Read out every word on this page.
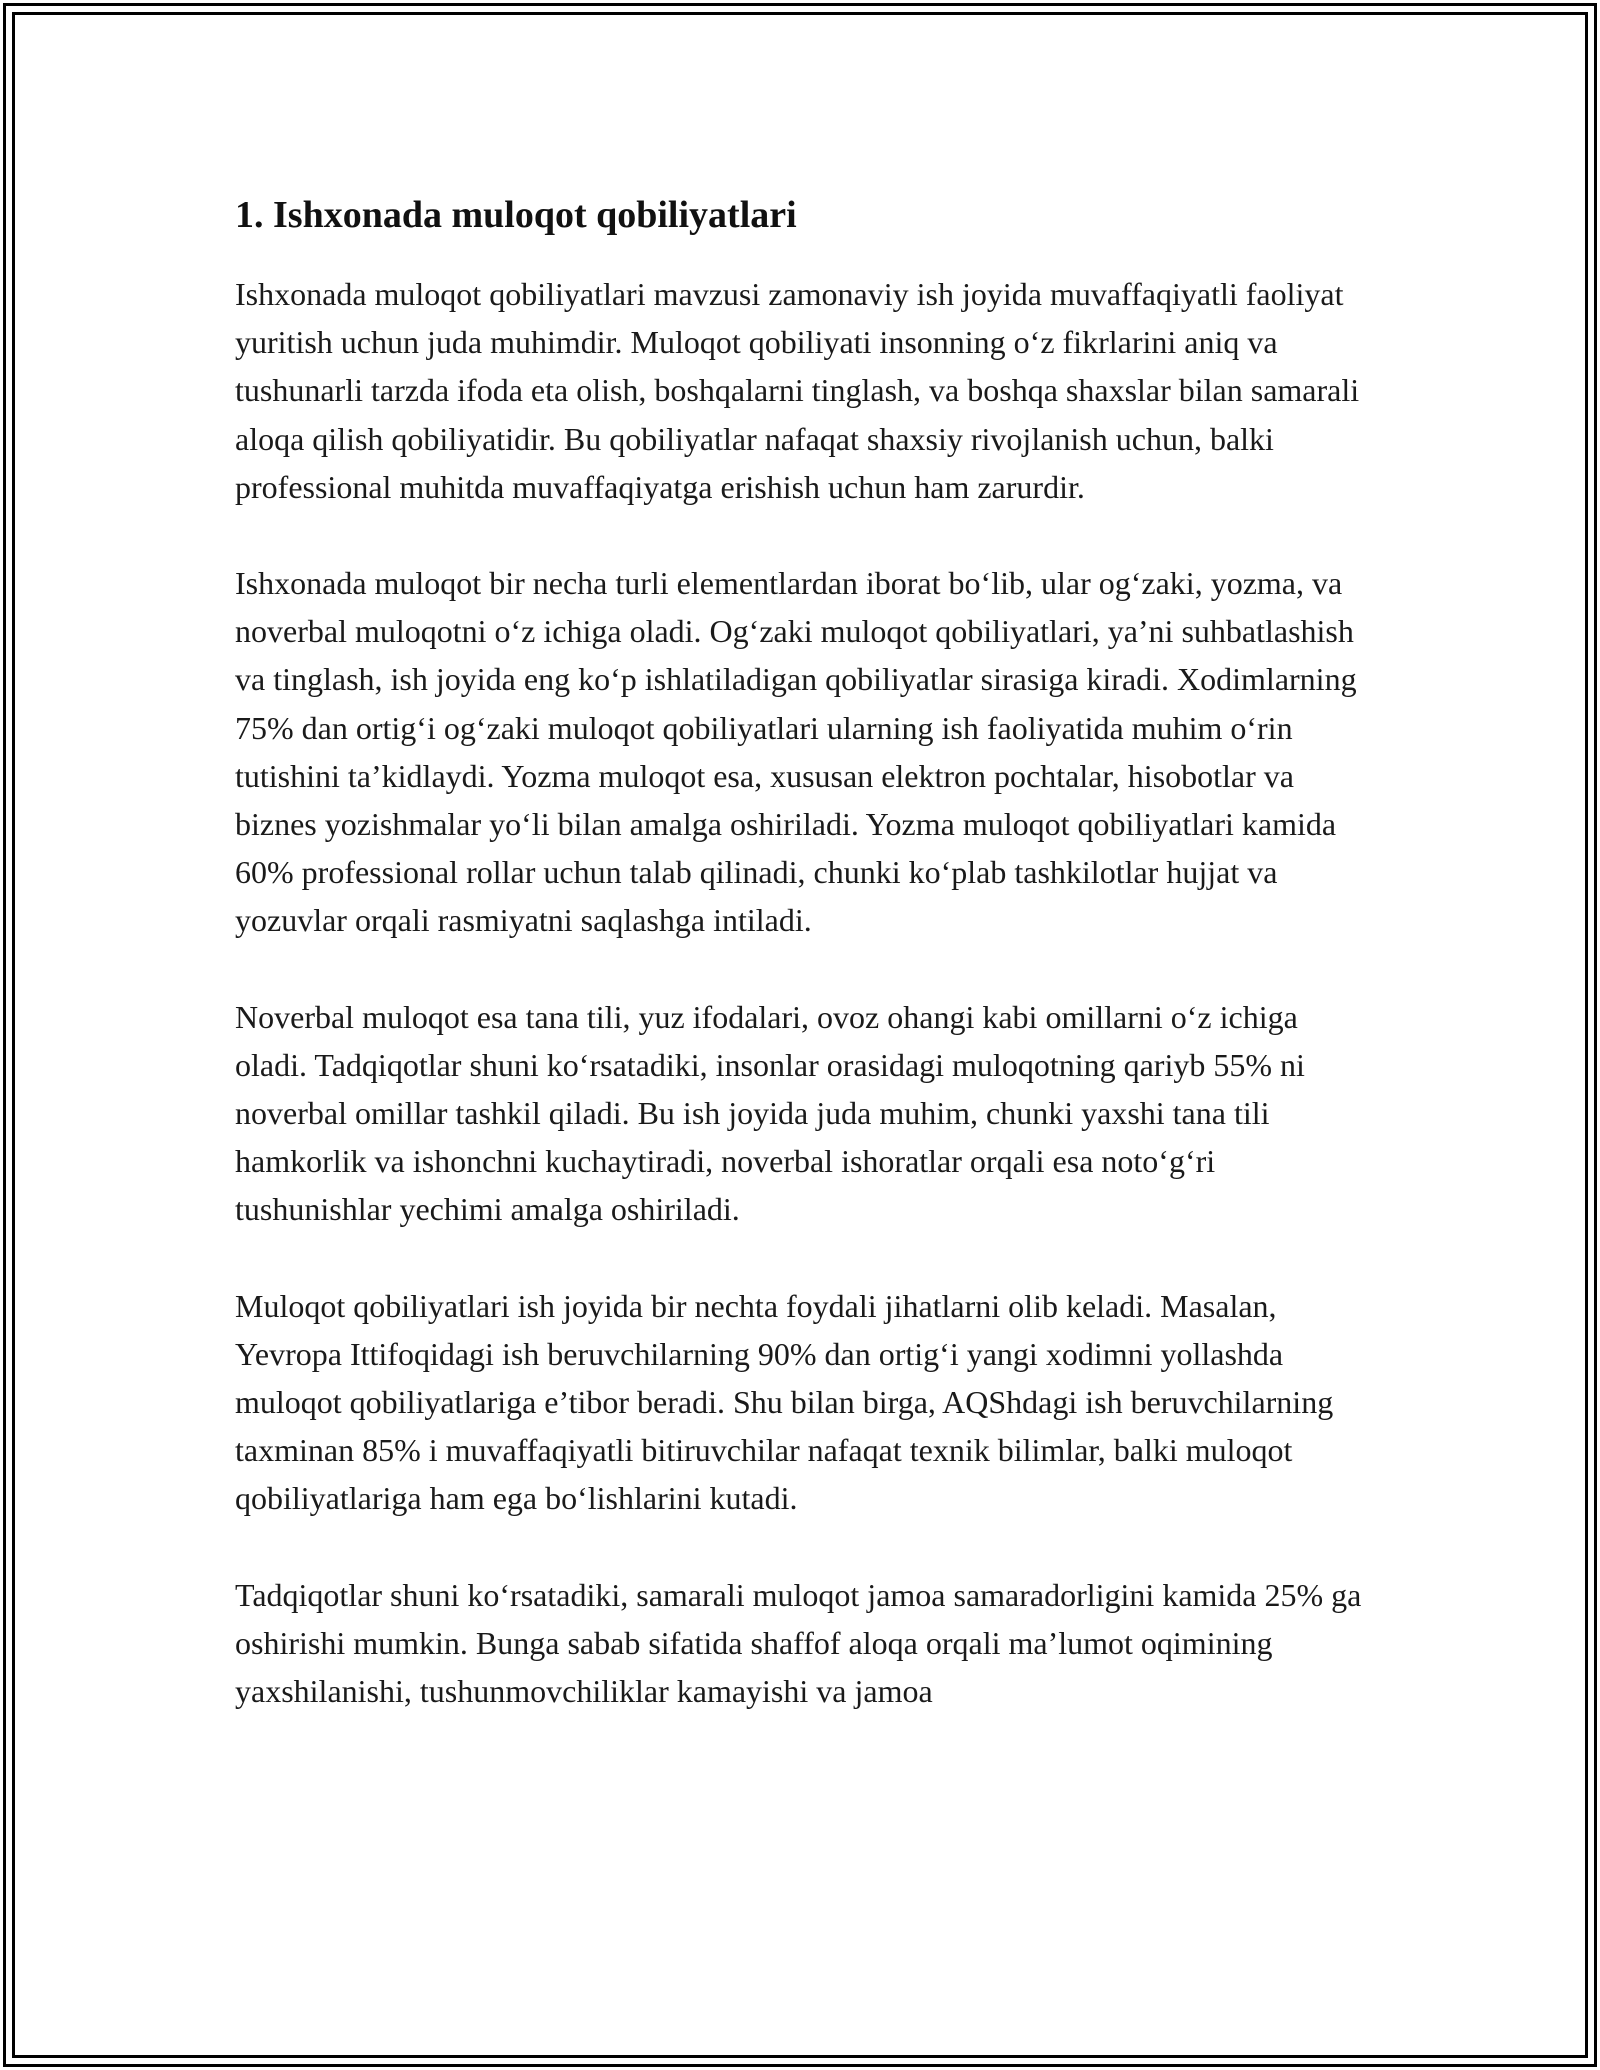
1. Ishxonada muloqot qobiliyatlari

Ishxonada muloqot qobiliyatlari mavzusi zamonaviy ish joyida muvaffaqiyatli faoliyat yuritish uchun juda muhimdir. Muloqot qobiliyati insonning o‘z fikrlarini aniq va tushunarli tarzda ifoda eta olish, boshqalarni tinglash, va boshqa shaxslar bilan samarali aloqa qilish qobiliyatidir. Bu qobiliyatlar nafaqat shaxsiy rivojlanish uchun, balki professional muhitda muvaffaqiyatga erishish uchun ham zarurdir.

Ishxonada muloqot bir necha turli elementlardan iborat bo‘lib, ular og‘zaki, yozma, va noverbal muloqotni o‘z ichiga oladi. Og‘zaki muloqot qobiliyatlari, ya’ni suhbatlashish va tinglash, ish joyida eng ko‘p ishlatiladigan qobiliyatlar sirasiga kiradi. Xodimlarning 75% dan ortig‘i og‘zaki muloqot qobiliyatlari ularning ish faoliyatida muhim o‘rin tutishini ta’kidlaydi. Yozma muloqot esa, xususan elektron pochtalar, hisobotlar va biznes yozishmalar yo‘li bilan amalga oshiriladi. Yozma muloqot qobiliyatlari kamida 60% professional rollar uchun talab qilinadi, chunki ko‘plab tashkilotlar hujjat va yozuvlar orqali rasmiyatni saqlashga intiladi.

Noverbal muloqot esa tana tili, yuz ifodalari, ovoz ohangi kabi omillarni o‘z ichiga oladi. Tadqiqotlar shuni ko‘rsatadiki, insonlar orasidagi muloqotning qariyb 55% ni noverbal omillar tashkil qiladi. Bu ish joyida juda muhim, chunki yaxshi tana tili hamkorlik va ishonchni kuchaytiradi, noverbal ishoratlar orqali esa noto‘g‘ri tushunishlar yechimi amalga oshiriladi.

Muloqot qobiliyatlari ish joyida bir nechta foydali jihatlarni olib keladi. Masalan, Yevropa Ittifoqidagi ish beruvchilarning 90% dan ortig‘i yangi xodimni yollashda muloqot qobiliyatlariga e’tibor beradi. Shu bilan birga, AQShdagi ish beruvchilarning taxminan 85% i muvaffaqiyatli bitiruvchilar nafaqat texnik bilimlar, balki muloqot qobiliyatlariga ham ega bo‘lishlarini kutadi.

Tadqiqotlar shuni ko‘rsatadiki, samarali muloqot jamoa samaradorligini kamida 25% ga oshirishi mumkin. Bunga sabab sifatida shaffof aloqa orqali ma’lumot oqimining yaxshilanishi, tushunmovchiliklar kamayishi va jamoa
